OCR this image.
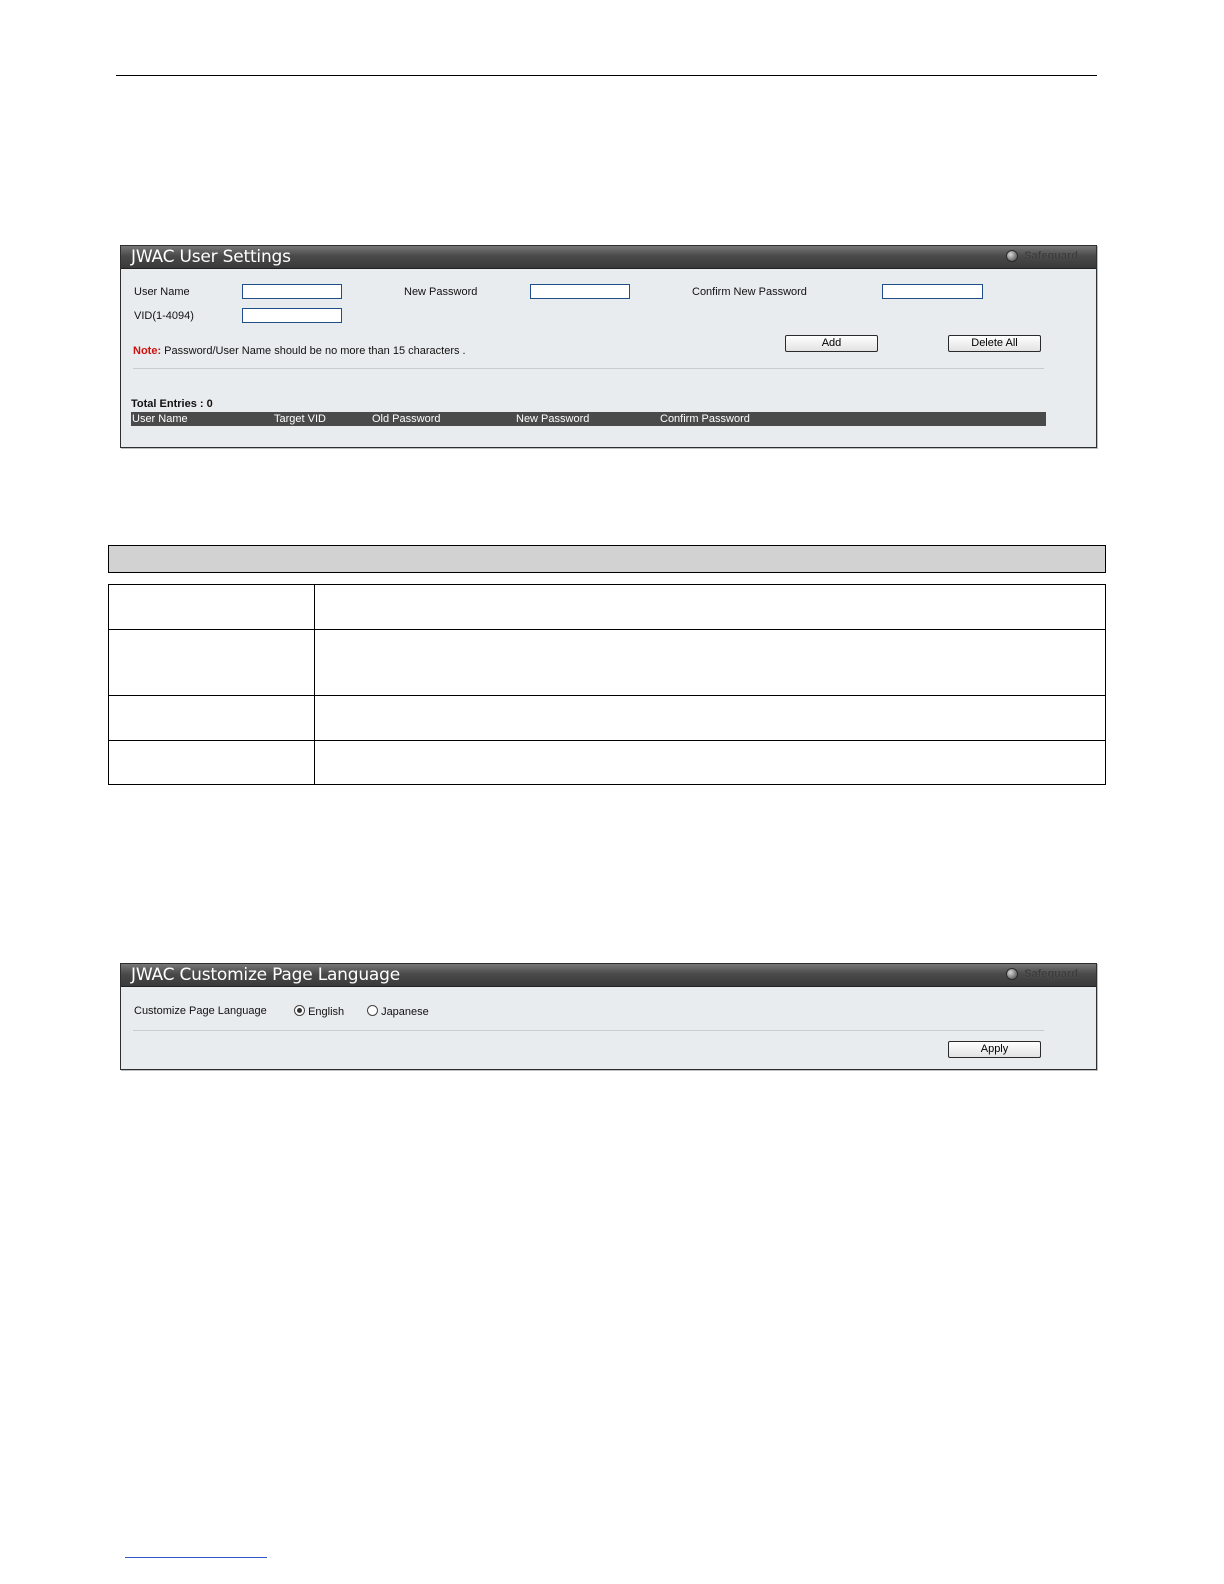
JWAC User Settings	Safeguard
User Name	New Password	Confirm New Password
VID(1-4094)
Note: Password/User Name should be no more than 15 characters .
Add	Delete All
Total Entries : 0
User Name	Target VID	Old Password	New Password	Confirm Password

JWAC Customize Page Language	Safeguard
Customize Page Language	English	Japanese
Apply
